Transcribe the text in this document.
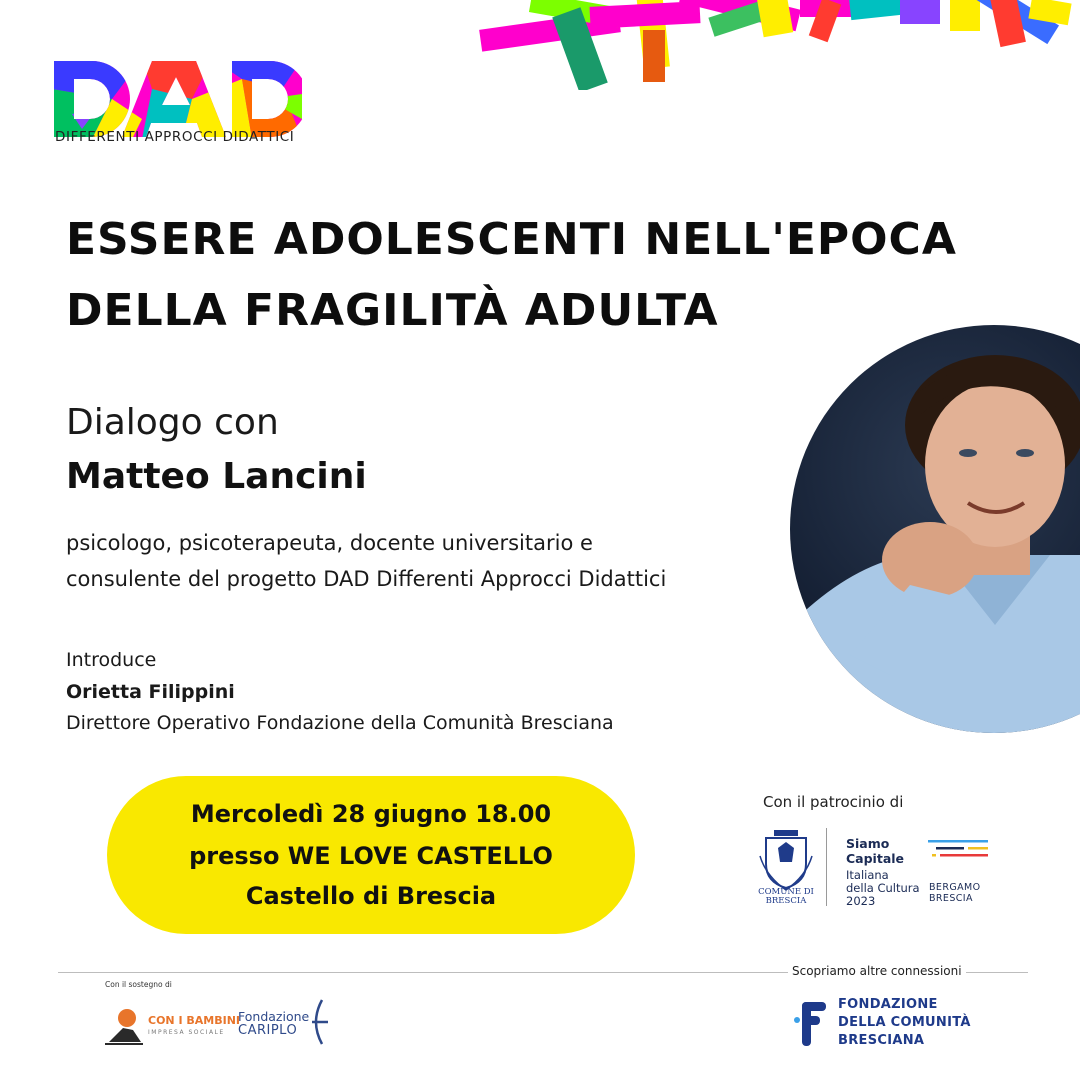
DIFFERENTI APPROCCI DIDATTICI
ESSERE ADOLESCENTI NELL'EPOCA
DELLA FRAGILITÀ ADULTA
Dialogo con
Matteo Lancini
psicologo, psicoterapeuta, docente universitario e
consulente del progetto DAD Differenti Approcci Didattici
Introduce
Orietta Filippini
Direttore Operativo Fondazione della Comunità Bresciana
Mercoledì 28 giugno 18.00
presso WE LOVE CASTELLO
Castello di Brescia
Con il patrocinio di
COMUNE DI BRESCIA
Siamo
Capitale
Italiana
della Cultura
2023
BERGAMO
BRESCIA
Con il sostegno di
Scopriamo altre connessioni
CON I BAMBINI
IMPRESA SOCIALE
Fondazione
CARIPLO
FONDAZIONE
DELLA COMUNITÀ
BRESCIANA
